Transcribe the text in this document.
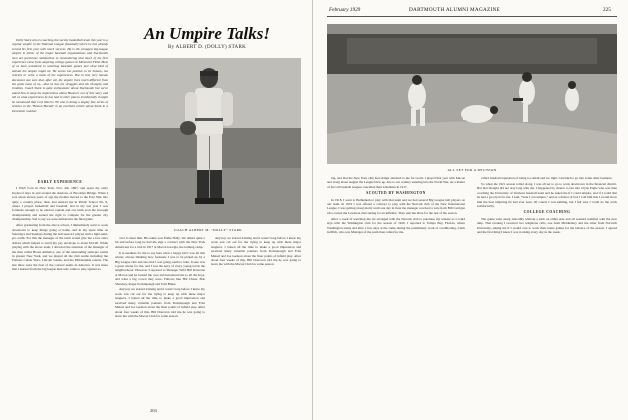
An Umpire Talks!
By ALBERT D. (DOLLY) STARK

Dolly Stark who is coaching the varsity basketball team this year is a regular umpire in the National League (baseball) where he has already served his first year with much success. He is the youngest big-league umpire in either of the major baseball organizations and Dartmouth men are particular satisfaction in remembering that much of his first experience came from umpiring college games on Memorial Field. Most of us have wondered in watching baseball games just what kind of animal the umpire might be. He seems too positive to be human, too reticent to write a book of his experiences. But in this very human document one sees that, after all, the umpire lives much different from the great mass of us,—that he has his struggles and his triumphs and troubles. Coach Stark is quite enthusiastic about Dartmouth but we've asked him to keep his impressions about Hanover out of this story and tell us what experiences he has had in other places. Incidentally it might be mentioned that Carl Warren '06 who is doing a mighty fine series of articles in the "Boston Herald" is an excellent article about Stark in a December number.

EARLY EXPERIENCE

I WAS born in New York, Nov. 4th, 1897, and spent my early boyhood days in and around the shadows of Brooklyn Bridge. When I was about eleven years of age my mother moved to the East Side into quite a country place, then, and entered me in Public School No. 6, where I played basketball and baseball, and in my last year I was fortunate enough to be elected captain and our team won the borough championship and earned the right to compete for the greater city championship. Sad to say we were defeated in the final game.

After graduating from the above school, I immediately went to work downtown to keep things going at home, and in my spare time on Saturdays and Sundays during the ball season I played with a light semi-pro outfit. For this the manager of the team would give me a few extra dollars which helped to swell my pay envelope to about $10.00. While playing with the above team, I attracted the attention of the manager of the then called Bronx Athletics, one of the outstanding semi-pro teams in greater New York, and we played all the club teams including the Famous Cuban Stars, Lincoln Giants, and the Philadelphia Giants. The last three were the best of the colored teams in America. It was there that I learned from the big league men who came to play against us.

COACH ALBERT M. "DOLLY" STARK

over to meet him. His name was Eddie Holly. We talked quite a bit and before long he had me sign a contract with the New York Americans for a trial in 1917 at Macon Georgia, the training camp.

It is needless for me to say here what a happy kid I was all that winter, always thinking how fortunate I was to be picked up by a Big League club and also that I was going south to train. It sure was a great winter for me, and I was the envy of every young lad in the neighborhood. However I reported to Manager Wild Bill Donovan at Macon and he looked me over and introduced me to all the boys, and what a big crowd they were. Fellows like Hal Chase, Bob Shawkey, Roger Peckinpaugh and Tom Blake.

Anyway we started training and it wasn't long before I knew my work was cut out for me trying to keep up with these major leaguers. I batted all the time to make a good impression and received many valuable pointers from Peckinpaugh and Fritz Maisel and Joe Gedeon about the finer points of infield play. After about four weeks of this, Bill Donovan told me he was going to leave me with the Macon Club for some season.

Anyway we started training and it wasn't long before I knew my work was cut out for me trying to keep up with these major leaguers. I batted all the time to make a good impression and received many valuable pointers from Peckinpaugh and Fritz Maisel and Joe Gedeon about the finer points of infield play. After about four weeks of this, Bill Donovan told me he was going to leave me with the Macon Club for some season.

204
February 1929	DARTMOUTH ALUMNI MAGAZINE	225
ALL SET FOR A DECISION

ing, and that the New York club had strings attached to me for recall. I played that year with Macon and along about August the League blew up, due to our country entering into the World War. As a matter of fact all baseball leagues cancelled their schedules in 1917.

SCOUTED BY WASHINGTON

In 1918, I went to Bethlehem to play with that team and we had several Big League ball players on our team. In 1919 I was offered a contract to play with the Newark club of the New International League. I was getting along nicely until one day in June the manager received a wire from Bill Carrigan who owned the Lewiston club asking for an infielder. They sent me there for the rest of the season.

After a week of watching me, he arranged with the Newark club to purchase my release so I could sign with the Washington club for the season of 1920. I reported to Tampa Bay, Florida, where Washington trains and after a few days at the camp during the preliminary work of conditioning, Clark Griffith, who was Manager of the team then called for me.

called baseball reputation of being too small and too light. I decided to go into some other business.

So when the 1921 season rolled along, I was all set to go to work downtown in the financial district. But that thought did not stay long with me. I happened by chance to run into Clyde Engle who was then coaching the University of Vermont baseball team and he asked me if I could umpire, and if I could that he had a good job for me. I said, "Sure I can umpire," and as a matter of fact I told him that I would show him the best umpiring he had ever seen. Of course I was kidding, but I felt sure I could do the work satisfactorily.

COLLEGE COACHING

The game went along smoothly without a kick on either side and all seemed satisfied with the new ump. That evening I received two telephone calls, one from Middlebury and the other from Norwich University, asking me if I would care to work their home games for the balance of the season. I agreed and the first thing I knew I was working every day in the week.
